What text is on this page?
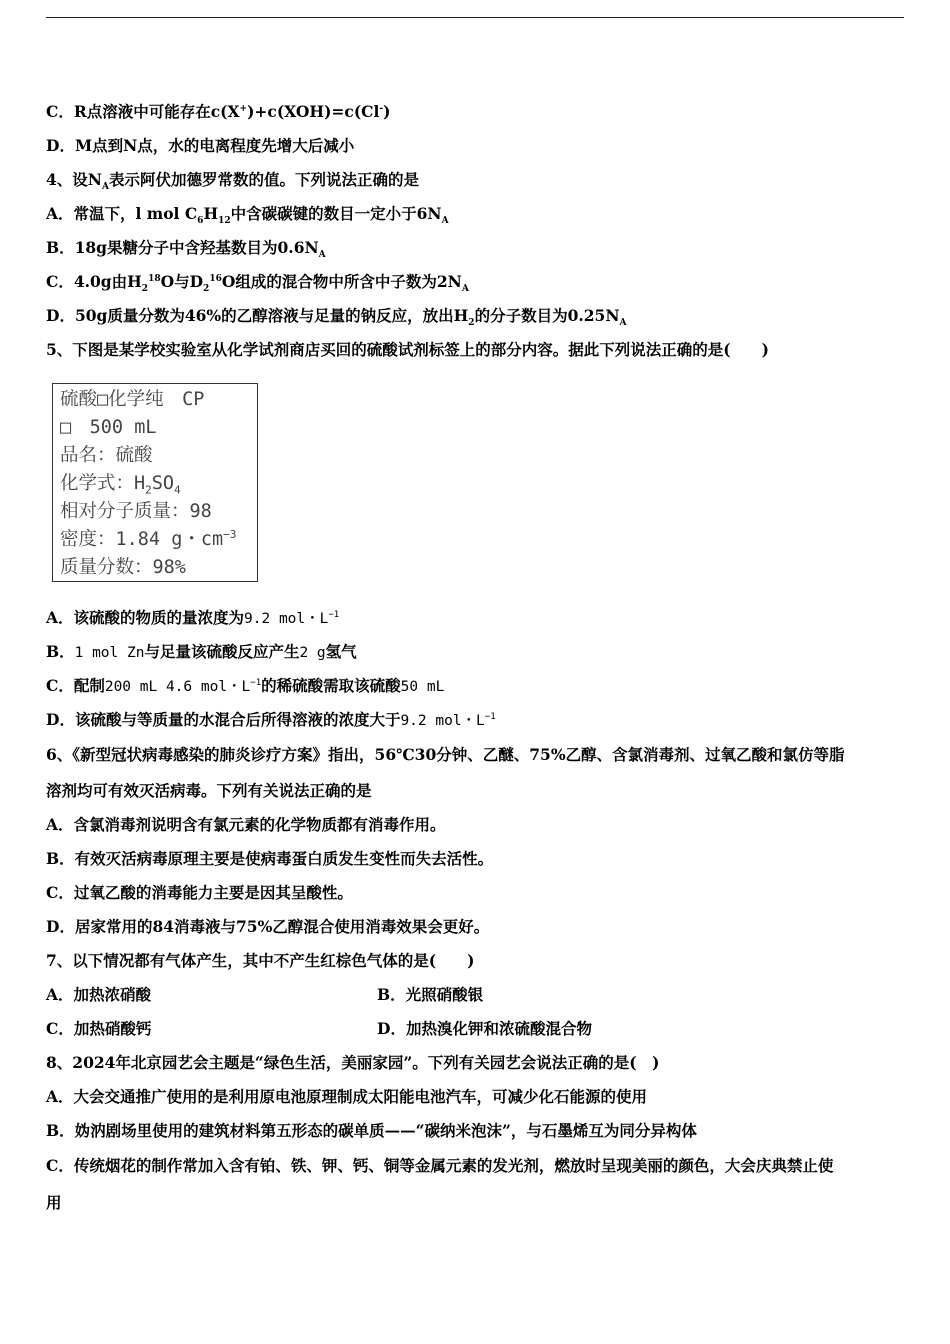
C．R点溶液中可能存在c(X+)+c(XOH)=c(Cl-)
D．M点到N点，水的电离程度先增大后减小
4、设$N_A$表示阿伏加德罗常数的值。下列说法正确的是
A．常温下，l mol $C_6H_{12}$中含碳碳键的数目一定小于$6N_A$
B．18g果糖分子中含羟基数目为$0.6N_A$
C．4.0g由$H_2^{18}O$与$D_2^{16}O$组成的混合物中所含中子数为$2N_A$
D．50g质量分数为46%的乙醇溶液与足量的钠反应，放出$H_2$的分子数目为$0.25N_A$
5、下图是某学校实验室从化学试剂商店买回的硫酸试剂标签上的部分内容。据此下列说法正确的是(　　)
硫酸□化学纯　CP
□　500 mL
品名：硫酸
化学式：$H_2SO_4$
相对分子质量：98
密度：1.84 g・$cm^{-3}$
质量分数：98%
A．该硫酸的物质的量浓度为9.2 mol・$L^{-1}$
B．1 mol Zn与足量该硫酸反应产生2 g氢气
C．配制200 mL 4.6 mol・$L^{-1}$的稀硫酸需取该硫酸50 mL
D．该硫酸与等质量的水混合后所得溶液的浓度大于9.2 mol・$L^{-1}$
6、《新型冠状病毒感染的肺炎诊疗方案》指出，56℃30分钟、乙醚、75%乙醇、含氯消毒剂、过氧乙酸和氯仿等脂
溶剂均可有效灭活病毒。下列有关说法正确的是
A．含氯消毒剂说明含有氯元素的化学物质都有消毒作用。
B．有效灭活病毒原理主要是使病毒蛋白质发生变性而失去活性。
C．过氧乙酸的消毒能力主要是因其呈酸性。
D．居家常用的84消毒液与75%乙醇混合使用消毒效果会更好。
7、以下情况都有气体产生，其中不产生红棕色气体的是(　　)
A．加热浓硝酸	B．光照硝酸银
C．加热硝酸钙	D．加热溴化钾和浓硫酸混合物
8、2024年北京园艺会主题是“绿色生活，美丽家园”。下列有关园艺会说法正确的是(　)
A．大会交通推广使用的是利用原电池原理制成太阳能电池汽车，可减少化石能源的使用
B．妫汭剧场里使用的建筑材料第五形态的碳单质——“碳纳米泡沫”，与石墨烯互为同分异构体
C．传统烟花的制作常加入含有铂、铁、钾、钙、铜等金属元素的发光剂，燃放时呈现美丽的颜色，大会庆典禁止使
用
